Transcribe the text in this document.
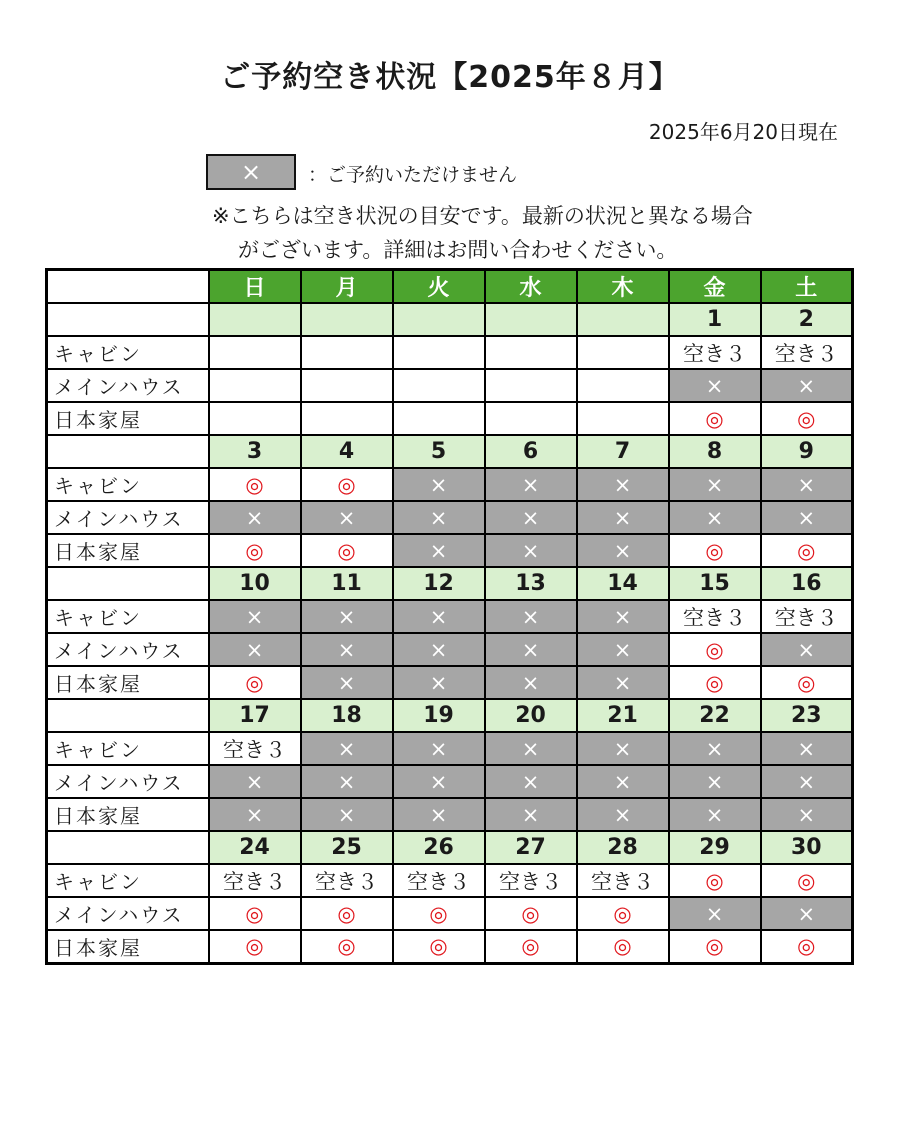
ご予約空き状況【2025年８月】
2025年6月20日現在
×	：ご予約いただけません
※こちらは空き状況の目安です。最新の状況と異なる場合
がございます。詳細はお問い合わせください。
	日	月	火	水	木	金	土
						1	2
キャビン						空き３	空き３
メインハウス						×	×
日本家屋						◎	◎
	3	4	5	6	7	8	9
キャビン	◎	◎	×	×	×	×	×
メインハウス	×	×	×	×	×	×	×
日本家屋	◎	◎	×	×	×	◎	◎
	10	11	12	13	14	15	16
キャビン	×	×	×	×	×	空き３	空き３
メインハウス	×	×	×	×	×	◎	×
日本家屋	◎	×	×	×	×	◎	◎
	17	18	19	20	21	22	23
キャビン	空き３	×	×	×	×	×	×
メインハウス	×	×	×	×	×	×	×
日本家屋	×	×	×	×	×	×	×
	24	25	26	27	28	29	30
キャビン	空き３	空き３	空き３	空き３	空き３	◎	◎
メインハウス	◎	◎	◎	◎	◎	×	×
日本家屋	◎	◎	◎	◎	◎	◎	◎
